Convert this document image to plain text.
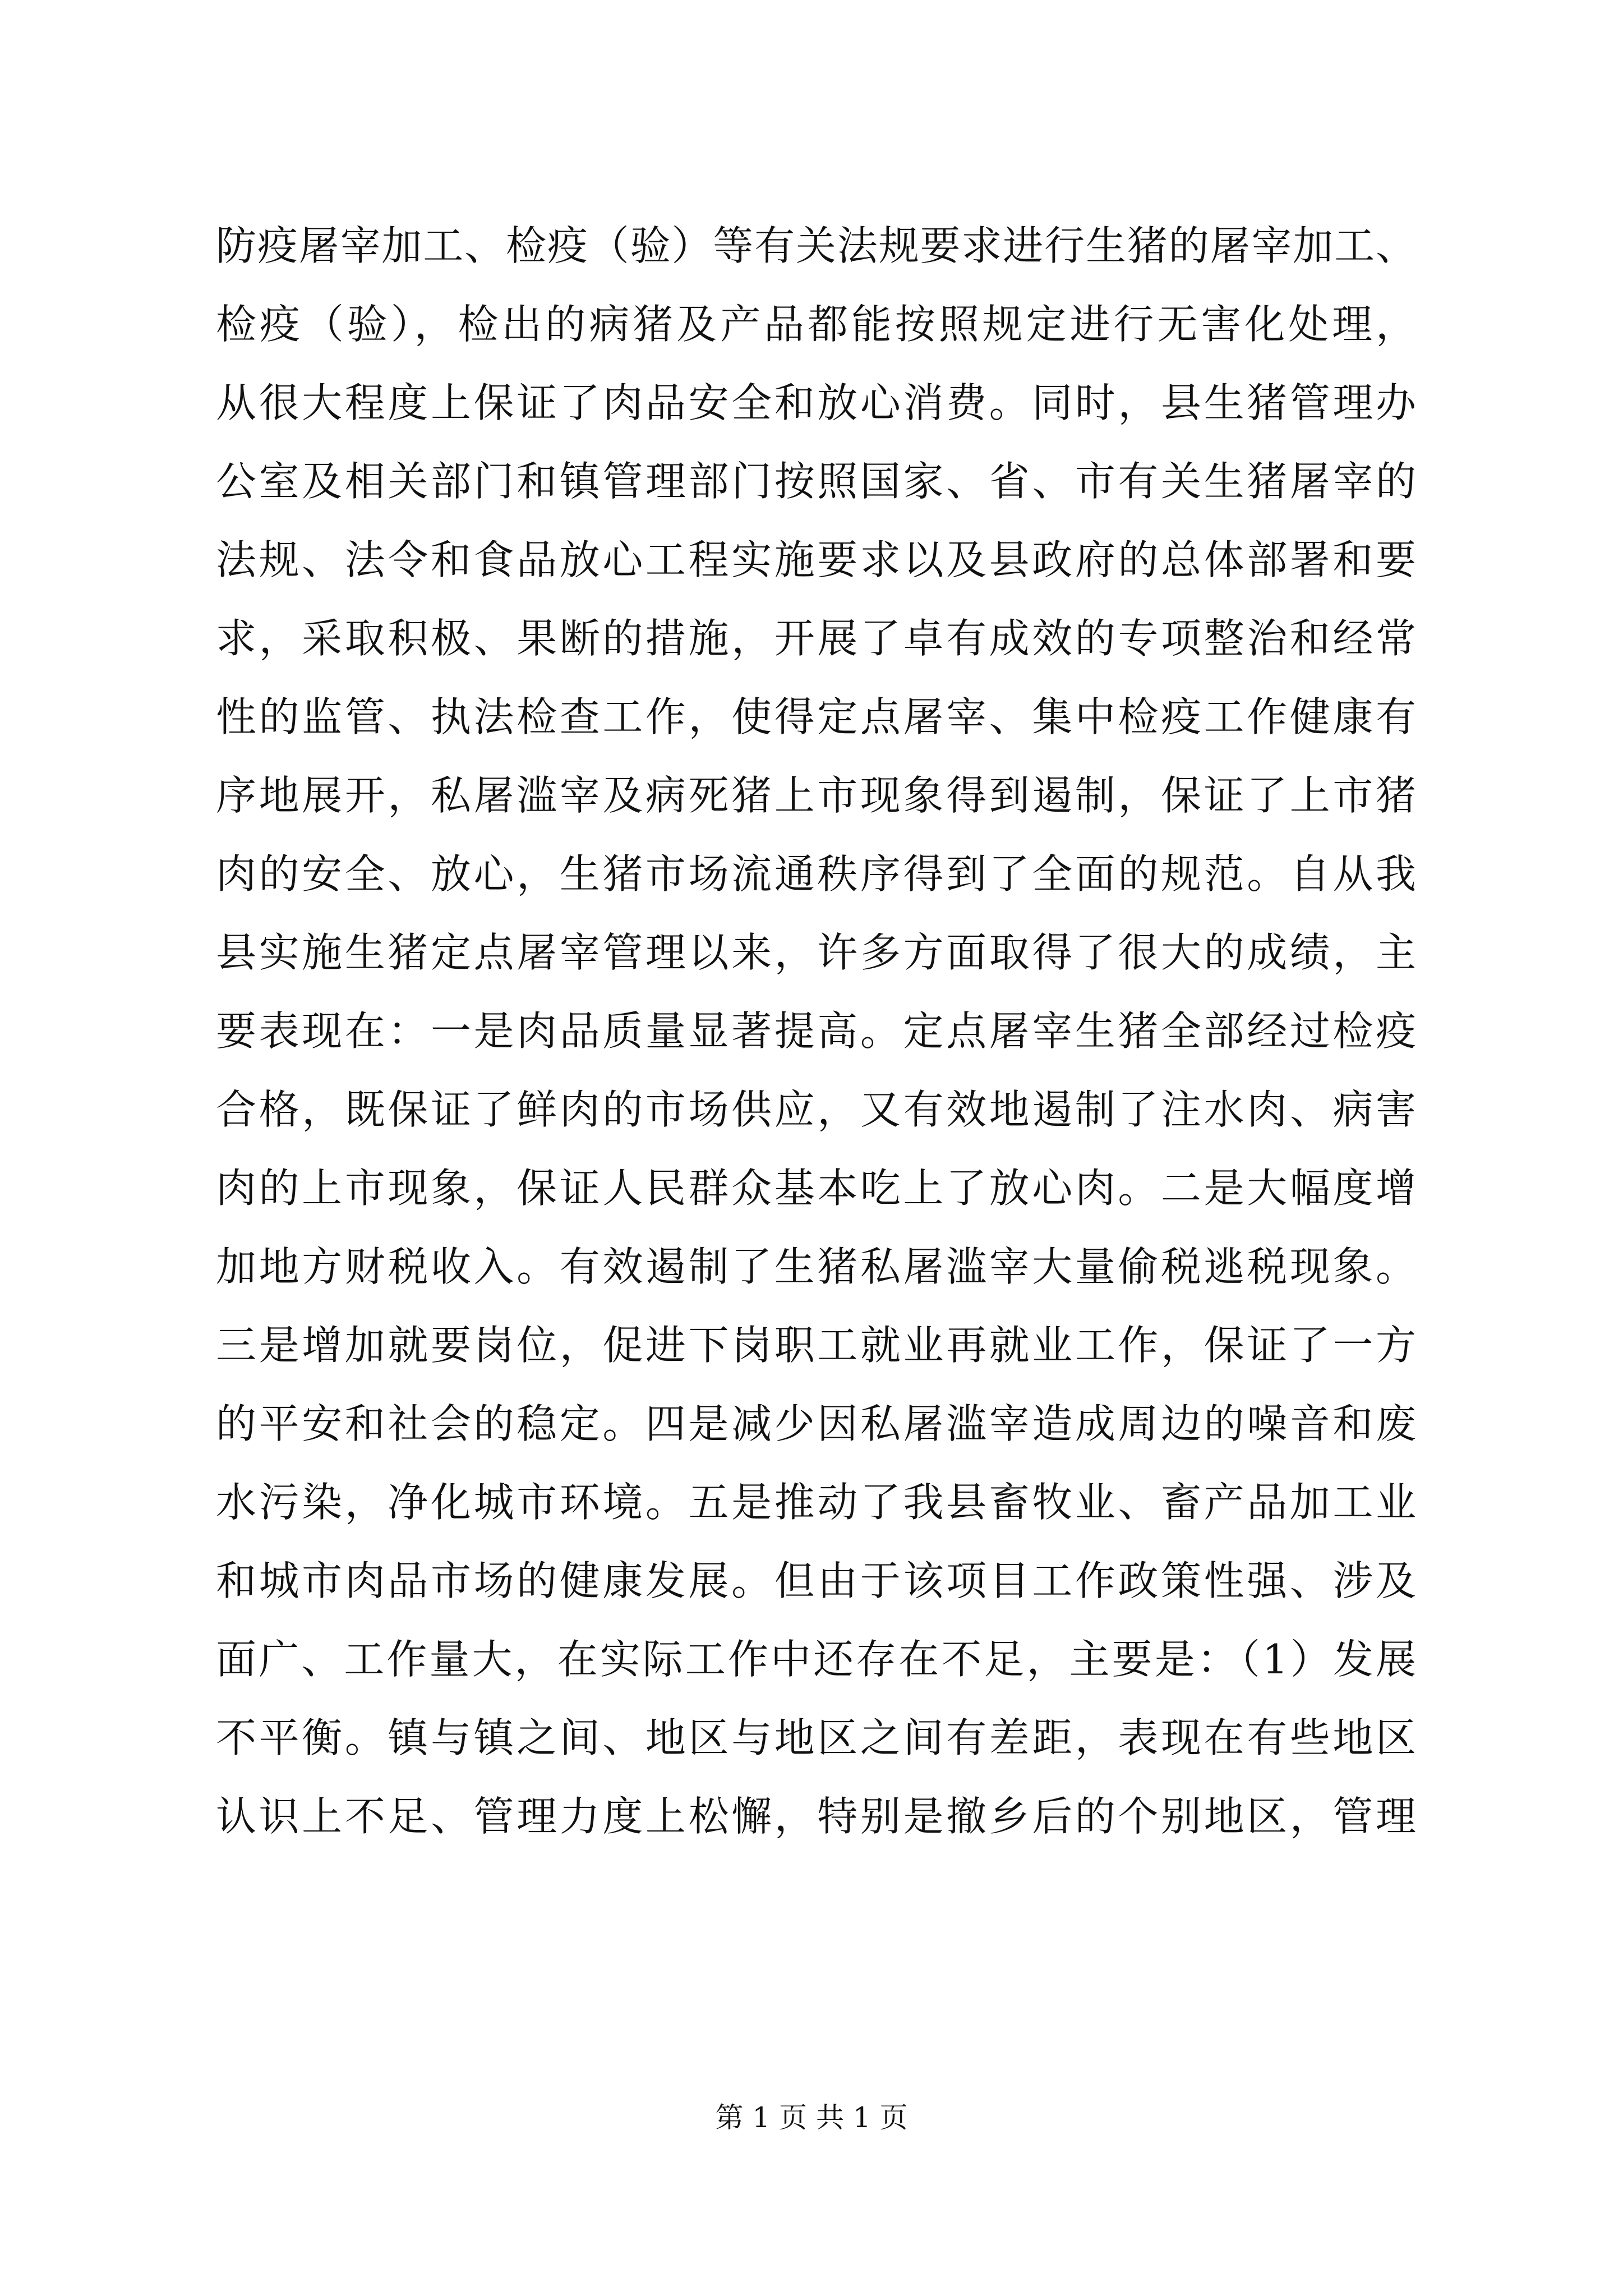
防疫屠宰加工、检疫（验）等有关法规要求进行生猪的屠宰加工、
检疫（验），检出的病猪及产品都能按照规定进行无害化处理，
从很大程度上保证了肉品安全和放心消费。同时，县生猪管理办
公室及相关部门和镇管理部门按照国家、省、市有关生猪屠宰的
法规、法令和食品放心工程实施要求以及县政府的总体部署和要
求，采取积极、果断的措施，开展了卓有成效的专项整治和经常
性的监管、执法检查工作，使得定点屠宰、集中检疫工作健康有
序地展开，私屠滥宰及病死猪上市现象得到遏制，保证了上市猪
肉的安全、放心，生猪市场流通秩序得到了全面的规范。自从我
县实施生猪定点屠宰管理以来，许多方面取得了很大的成绩，主
要表现在：一是肉品质量显著提高。定点屠宰生猪全部经过检疫
合格，既保证了鲜肉的市场供应，又有效地遏制了注水肉、病害
肉的上市现象，保证人民群众基本吃上了放心肉。二是大幅度增
加地方财税收入。有效遏制了生猪私屠滥宰大量偷税逃税现象。
三是增加就要岗位，促进下岗职工就业再就业工作，保证了一方
的平安和社会的稳定。四是减少因私屠滥宰造成周边的噪音和废
水污染，净化城市环境。五是推动了我县畜牧业、畜产品加工业
和城市肉品市场的健康发展。但由于该项目工作政策性强、涉及
面广、工作量大，在实际工作中还存在不足，主要是：（1）发展
不平衡。镇与镇之间、地区与地区之间有差距，表现在有些地区
认识上不足、管理力度上松懈，特别是撤乡后的个别地区，管理
第 1 页 共 1 页
